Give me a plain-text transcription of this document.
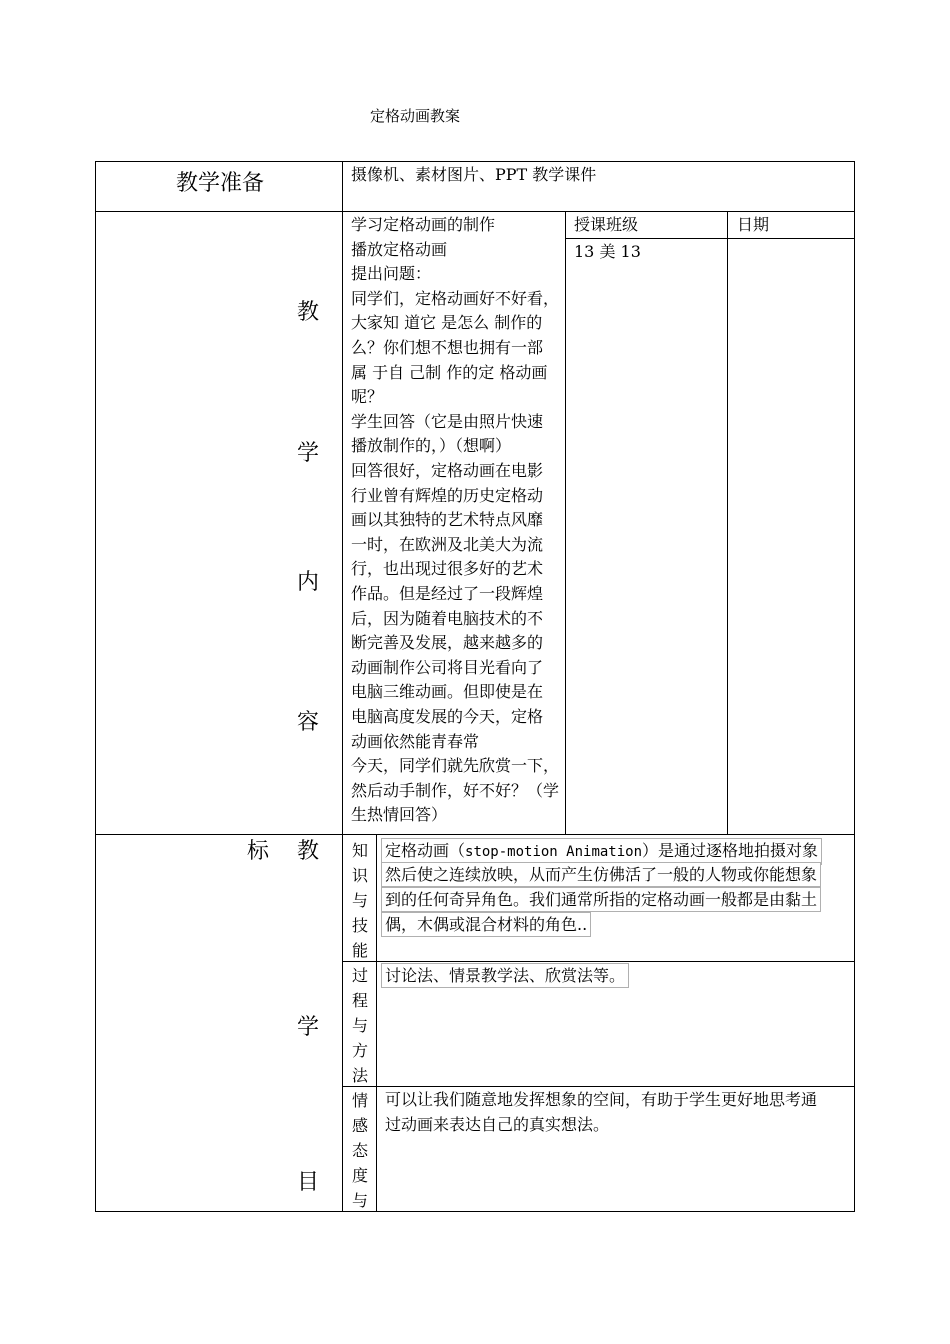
定格动画教案
教学准备	摄像机、素材图片、PPT 教学课件
教
学
内
容
学习定格动画的制作
播放定格动画
提出问题：
同学们，定格动画好不好看，
大家知 道它 是怎么 制作的
么？你们想不想也拥有一部
属 于自 己制 作的定 格动画
呢？
学生回答（它是由照片快速
播放制作的，）（想啊）
回答很好，定格动画在电影
行业曾有辉煌的历史定格动
画以其独特的艺术特点风靡
一时，在欧洲及北美大为流
行，也出现过很多好的艺术
作品。但是经过了一段辉煌
后，因为随着电脑技术的不
断完善及发展，越来越多的
动画制作公司将目光看向了
电脑三维动画。但即使是在
电脑高度发展的今天，定格
动画依然能青春常
今天，同学们就先欣赏一下，
然后动手制作，好不好？（学
生热情回答）
授课班级
13 美 13
日期
标 教
学
目
知
识
与
技
能
定格动画（stop-motion Animation）是通过逐格地拍摄对象
然后使之连续放映，从而产生仿佛活了一般的人物或你能想象
到的任何奇异角色。我们通常所指的定格动画一般都是由黏土
偶，木偶或混合材料的角色..
过
程
与
方
法
讨论法、情景教学法、欣赏法等。
情
感
态
度
与
可以让我们随意地发挥想象的空间，有助于学生更好地思考通
过动画来表达自己的真实想法。
